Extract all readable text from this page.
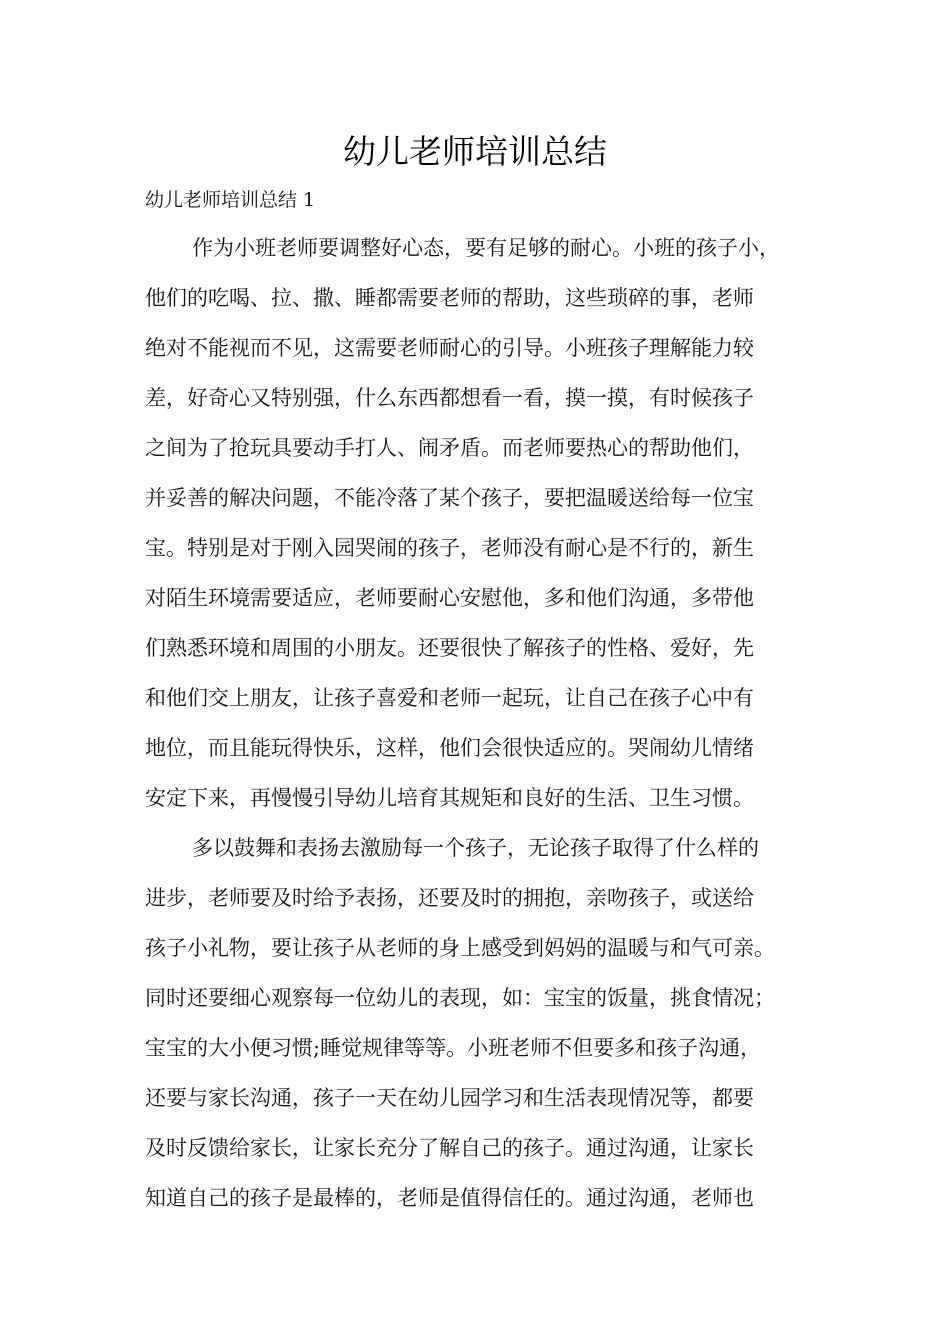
幼儿老师培训总结
幼儿老师培训总结 1
作为小班老师要调整好心态，要有足够的耐心。小班的孩子小，
他们的吃喝、拉、撒、睡都需要老师的帮助，这些琐碎的事，老师
绝对不能视而不见，这需要老师耐心的引导。小班孩子理解能力较
差，好奇心又特别强，什么东西都想看一看，摸一摸，有时候孩子
之间为了抢玩具要动手打人、闹矛盾。而老师要热心的帮助他们，
并妥善的解决问题，不能冷落了某个孩子，要把温暖送给每一位宝
宝。特别是对于刚入园哭闹的孩子，老师没有耐心是不行的，新生
对陌生环境需要适应，老师要耐心安慰他，多和他们沟通，多带他
们熟悉环境和周围的小朋友。还要很快了解孩子的性格、爱好，先
和他们交上朋友，让孩子喜爱和老师一起玩，让自己在孩子心中有
地位，而且能玩得快乐，这样，他们会很快适应的。哭闹幼儿情绪
安定下来，再慢慢引导幼儿培育其规矩和良好的生活、卫生习惯。
多以鼓舞和表扬去激励每一个孩子，无论孩子取得了什么样的
进步，老师要及时给予表扬，还要及时的拥抱，亲吻孩子，或送给
孩子小礼物，要让孩子从老师的身上感受到妈妈的温暖与和气可亲。
同时还要细心观察每一位幼儿的表现，如：宝宝的饭量，挑食情况；
宝宝的大小便习惯;睡觉规律等等。小班老师不但要多和孩子沟通，
还要与家长沟通，孩子一天在幼儿园学习和生活表现情况等，都要
及时反馈给家长，让家长充分了解自己的孩子。通过沟通，让家长
知道自己的孩子是最棒的，老师是值得信任的。通过沟通，老师也
